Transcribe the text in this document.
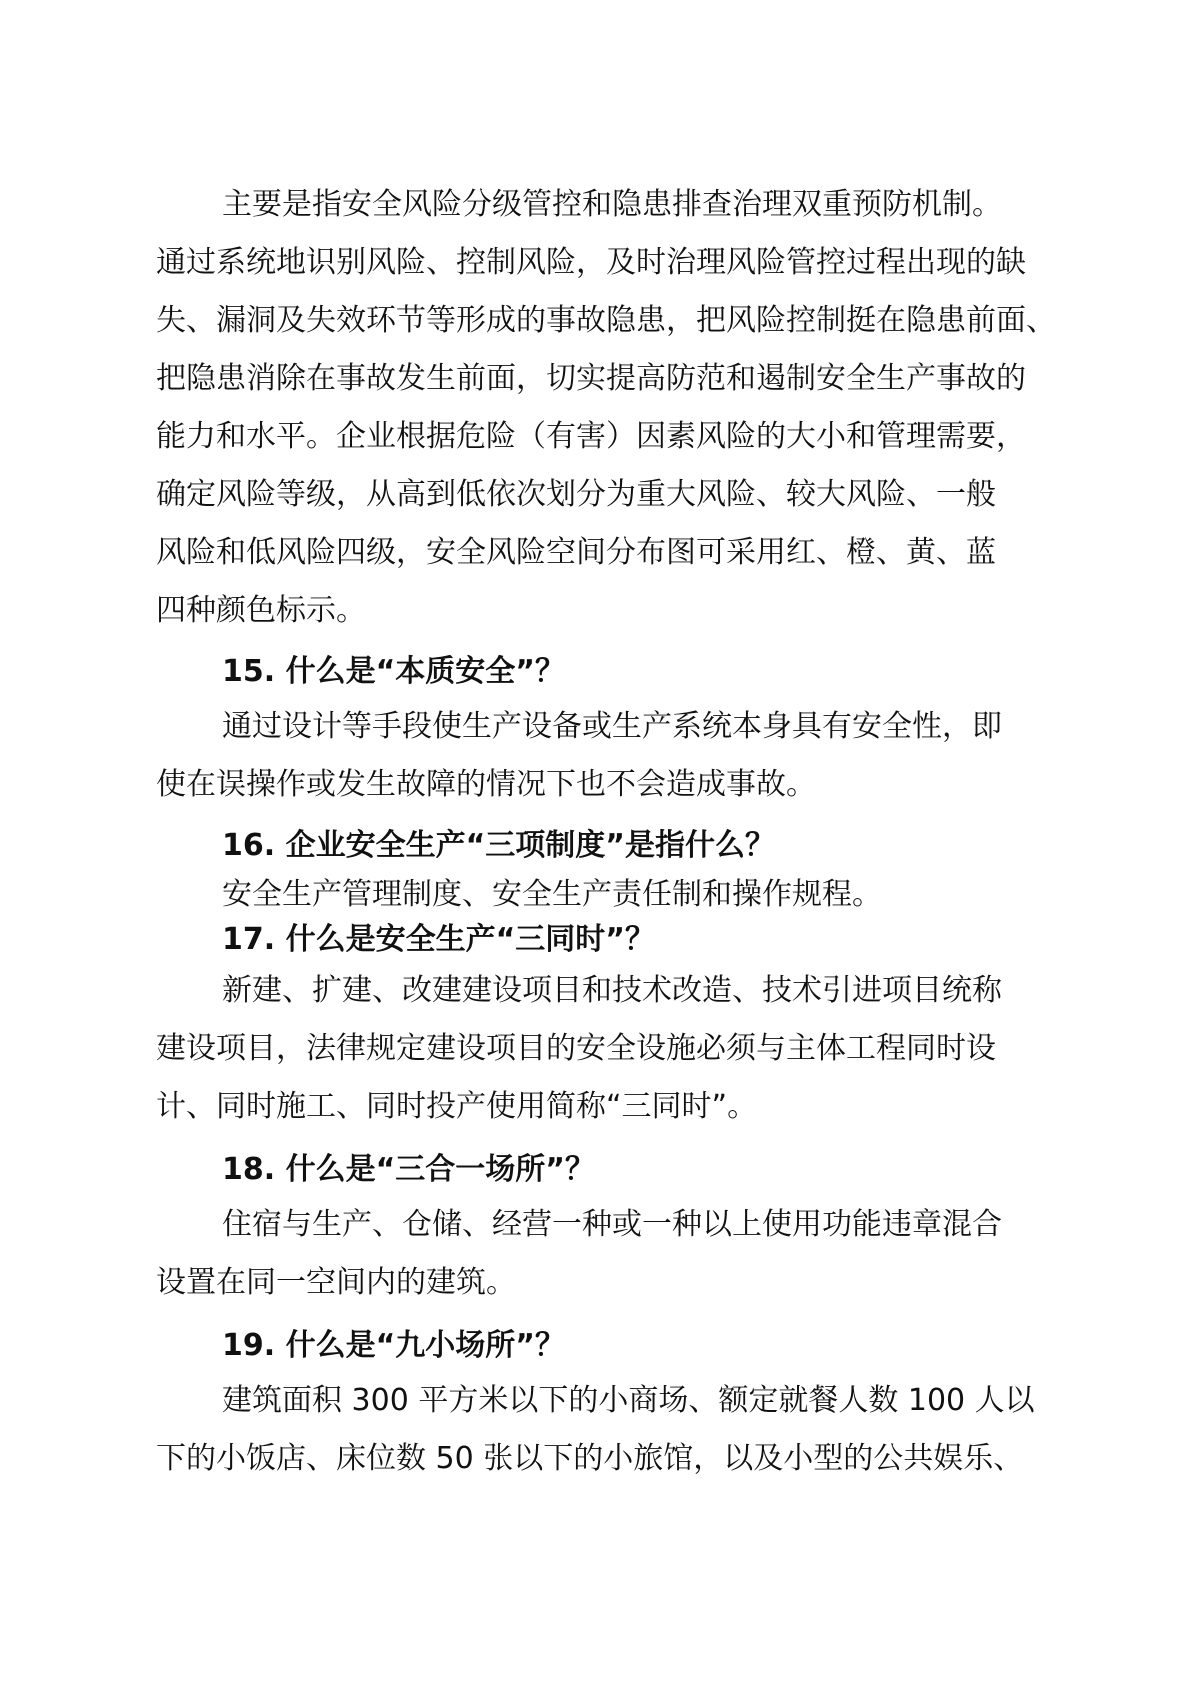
主要是指安全风险分级管控和隐患排查治理双重预防机制。

通过系统地识别风险、控制风险，及时治理风险管控过程出现的缺

失、漏洞及失效环节等形成的事故隐患，把风险控制挺在隐患前面、

把隐患消除在事故发生前面，切实提高防范和遏制安全生产事故的

能力和水平。企业根据危险（有害）因素风险的大小和管理需要，

确定风险等级，从高到低依次划分为重大风险、较大风险、一般

风险和低风险四级，安全风险空间分布图可采用红、橙、黄、蓝

四种颜色标示。

15. 什么是“本质安全”？

通过设计等手段使生产设备或生产系统本身具有安全性，即

使在误操作或发生故障的情况下也不会造成事故。

16. 企业安全生产“三项制度”是指什么？

安全生产管理制度、安全生产责任制和操作规程。

17. 什么是安全生产“三同时”？

新建、扩建、改建建设项目和技术改造、技术引进项目统称

建设项目，法律规定建设项目的安全设施必须与主体工程同时设

计、同时施工、同时投产使用简称“三同时”。

18. 什么是“三合一场所”？

住宿与生产、仓储、经营一种或一种以上使用功能违章混合

设置在同一空间内的建筑。

19. 什么是“九小场所”？

建筑面积 300 平方米以下的小商场、额定就餐人数 100 人以

下的小饭店、床位数 50 张以下的小旅馆，以及小型的公共娱乐、
